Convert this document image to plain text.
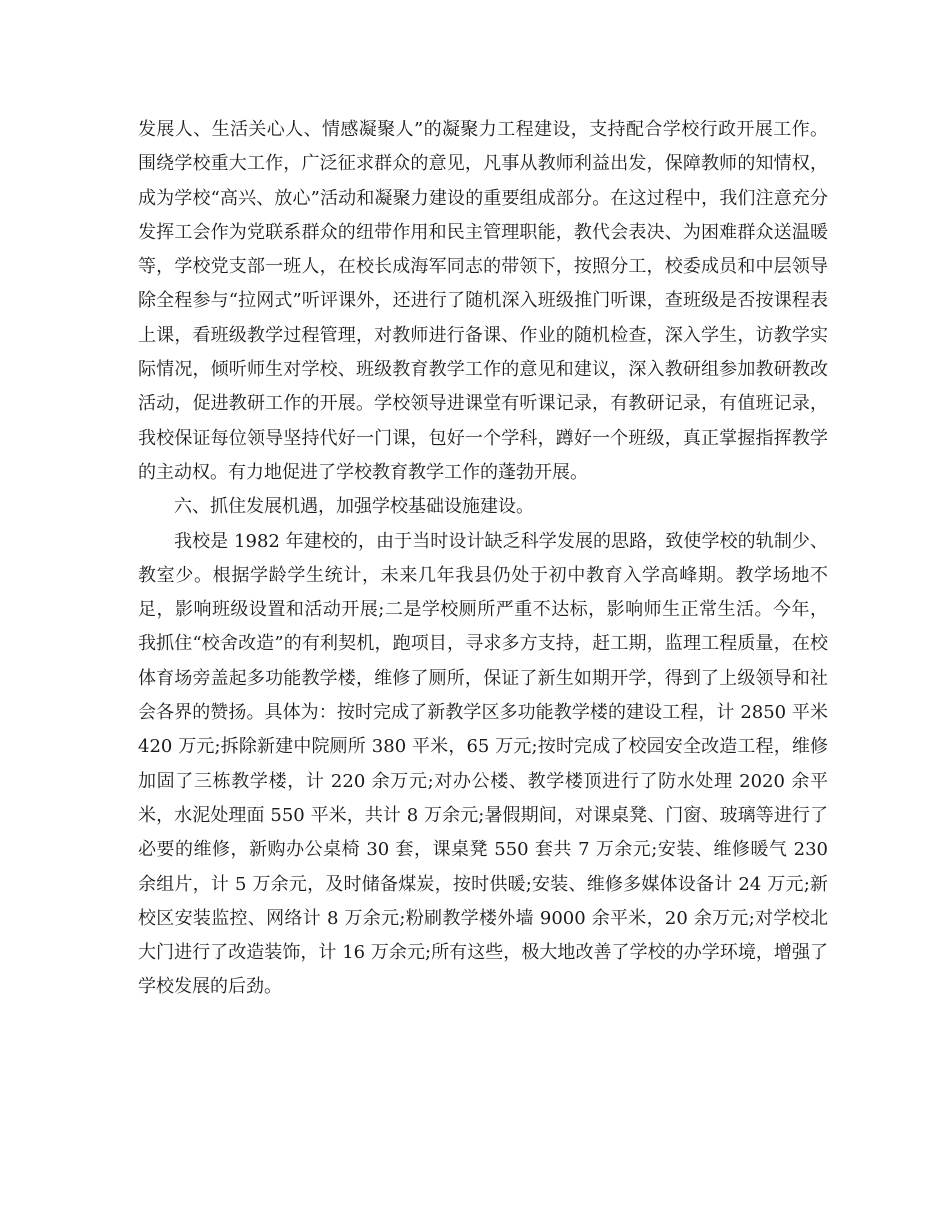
发展人、生活关心人、情感凝聚人”的凝聚力工程建设，支持配合学校行政开展工作。围绕学校重大工作，广泛征求群众的意见，凡事从教师利益出发，保障教师的知情权，成为学校“高兴、放心”活动和凝聚力建设的重要组成部分。在这过程中，我们注意充分发挥工会作为党联系群众的纽带作用和民主管理职能，教代会表决、为困难群众送温暖等，学校党支部一班人，在校长成海军同志的带领下，按照分工，校委成员和中层领导除全程参与“拉网式”听评课外，还进行了随机深入班级推门听课，查班级是否按课程表上课，看班级教学过程管理，对教师进行备课、作业的随机检查，深入学生，访教学实际情况，倾听师生对学校、班级教育教学工作的意见和建议，深入教研组参加教研教改活动，促进教研工作的开展。学校领导进课堂有听课记录，有教研记录，有值班记录，我校保证每位领导坚持代好一门课，包好一个学科，蹲好一个班级，真正掌握指挥教学的主动权。有力地促进了学校教育教学工作的蓬勃开展。

六、抓住发展机遇，加强学校基础设施建设。

我校是 1982 年建校的，由于当时设计缺乏科学发展的思路，致使学校的轨制少、教室少。根据学龄学生统计，未来几年我县仍处于初中教育入学高峰期。教学场地不足，影响班级设置和活动开展;二是学校厕所严重不达标，影响师生正常生活。今年，我抓住“校舍改造”的有利契机，跑项目，寻求多方支持，赶工期，监理工程质量，在校体育场旁盖起多功能教学楼，维修了厕所，保证了新生如期开学，得到了上级领导和社会各界的赞扬。具体为：按时完成了新教学区多功能教学楼的建设工程，计 2850 平米 420 万元;拆除新建中院厕所 380 平米，65 万元;按时完成了校园安全改造工程，维修加固了三栋教学楼，计 220 余万元;对办公楼、教学楼顶进行了防水处理 2020 余平米，水泥处理面 550 平米，共计 8 万余元;暑假期间，对课桌凳、门窗、玻璃等进行了必要的维修，新购办公桌椅 30 套，课桌凳 550 套共 7 万余元;安装、维修暖气 230 余组片，计 5 万余元，及时储备煤炭，按时供暖;安装、维修多媒体设备计 24 万元;新校区安装监控、网络计 8 万余元;粉刷教学楼外墙 9000 余平米，20 余万元;对学校北大门进行了改造装饰，计 16 万余元;所有这些，极大地改善了学校的办学环境，增强了学校发展的后劲。
